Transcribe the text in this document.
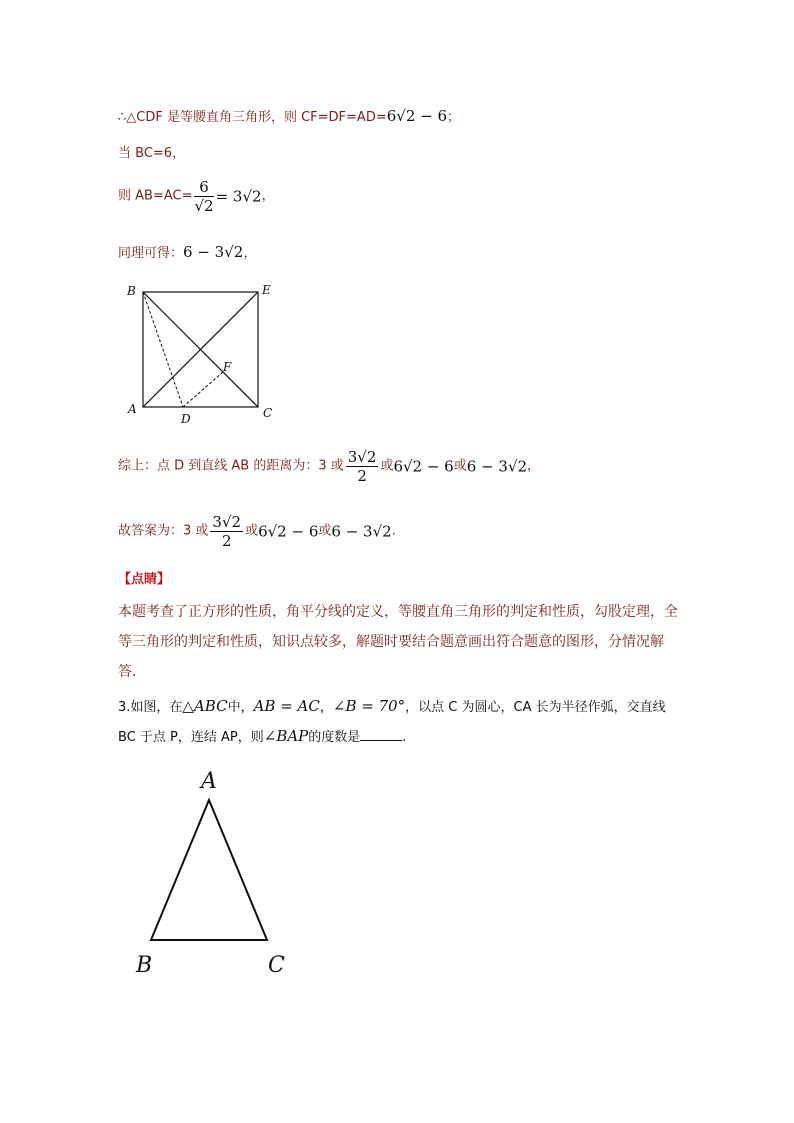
∴△CDF 是等腰直角三角形，则 CF=DF=AD=6√2 − 6；
当 BC=6，
则 $AB=AC= \frac{6}{√2} = 3√2$，
同理可得：6 − 3√2，
B	E
A	C
D
F
综上：点 D 到直线 AB 的距离为：3 或 $\frac{3√2}{2}$ 或6√2 − 6或6 − 3√2，
故答案为：3 或 $\frac{3√2}{2}$ 或6√2 − 6或6 − 3√2.
【点睛】
本题考查了正方形的性质，角平分线的定义，等腰直角三角形的判定和性质，勾股定理，全
等三角形的判定和性质，知识点较多，解题时要结合题意画出符合题意的图形，分情况解
答.
3.如图，在△ABC中，AB = AC，∠B = 70°，以点 C 为圆心，CA 长为半径作弧，交直线
BC 于点 P，连结 AP，则∠BAP的度数是	.
A
B	C
